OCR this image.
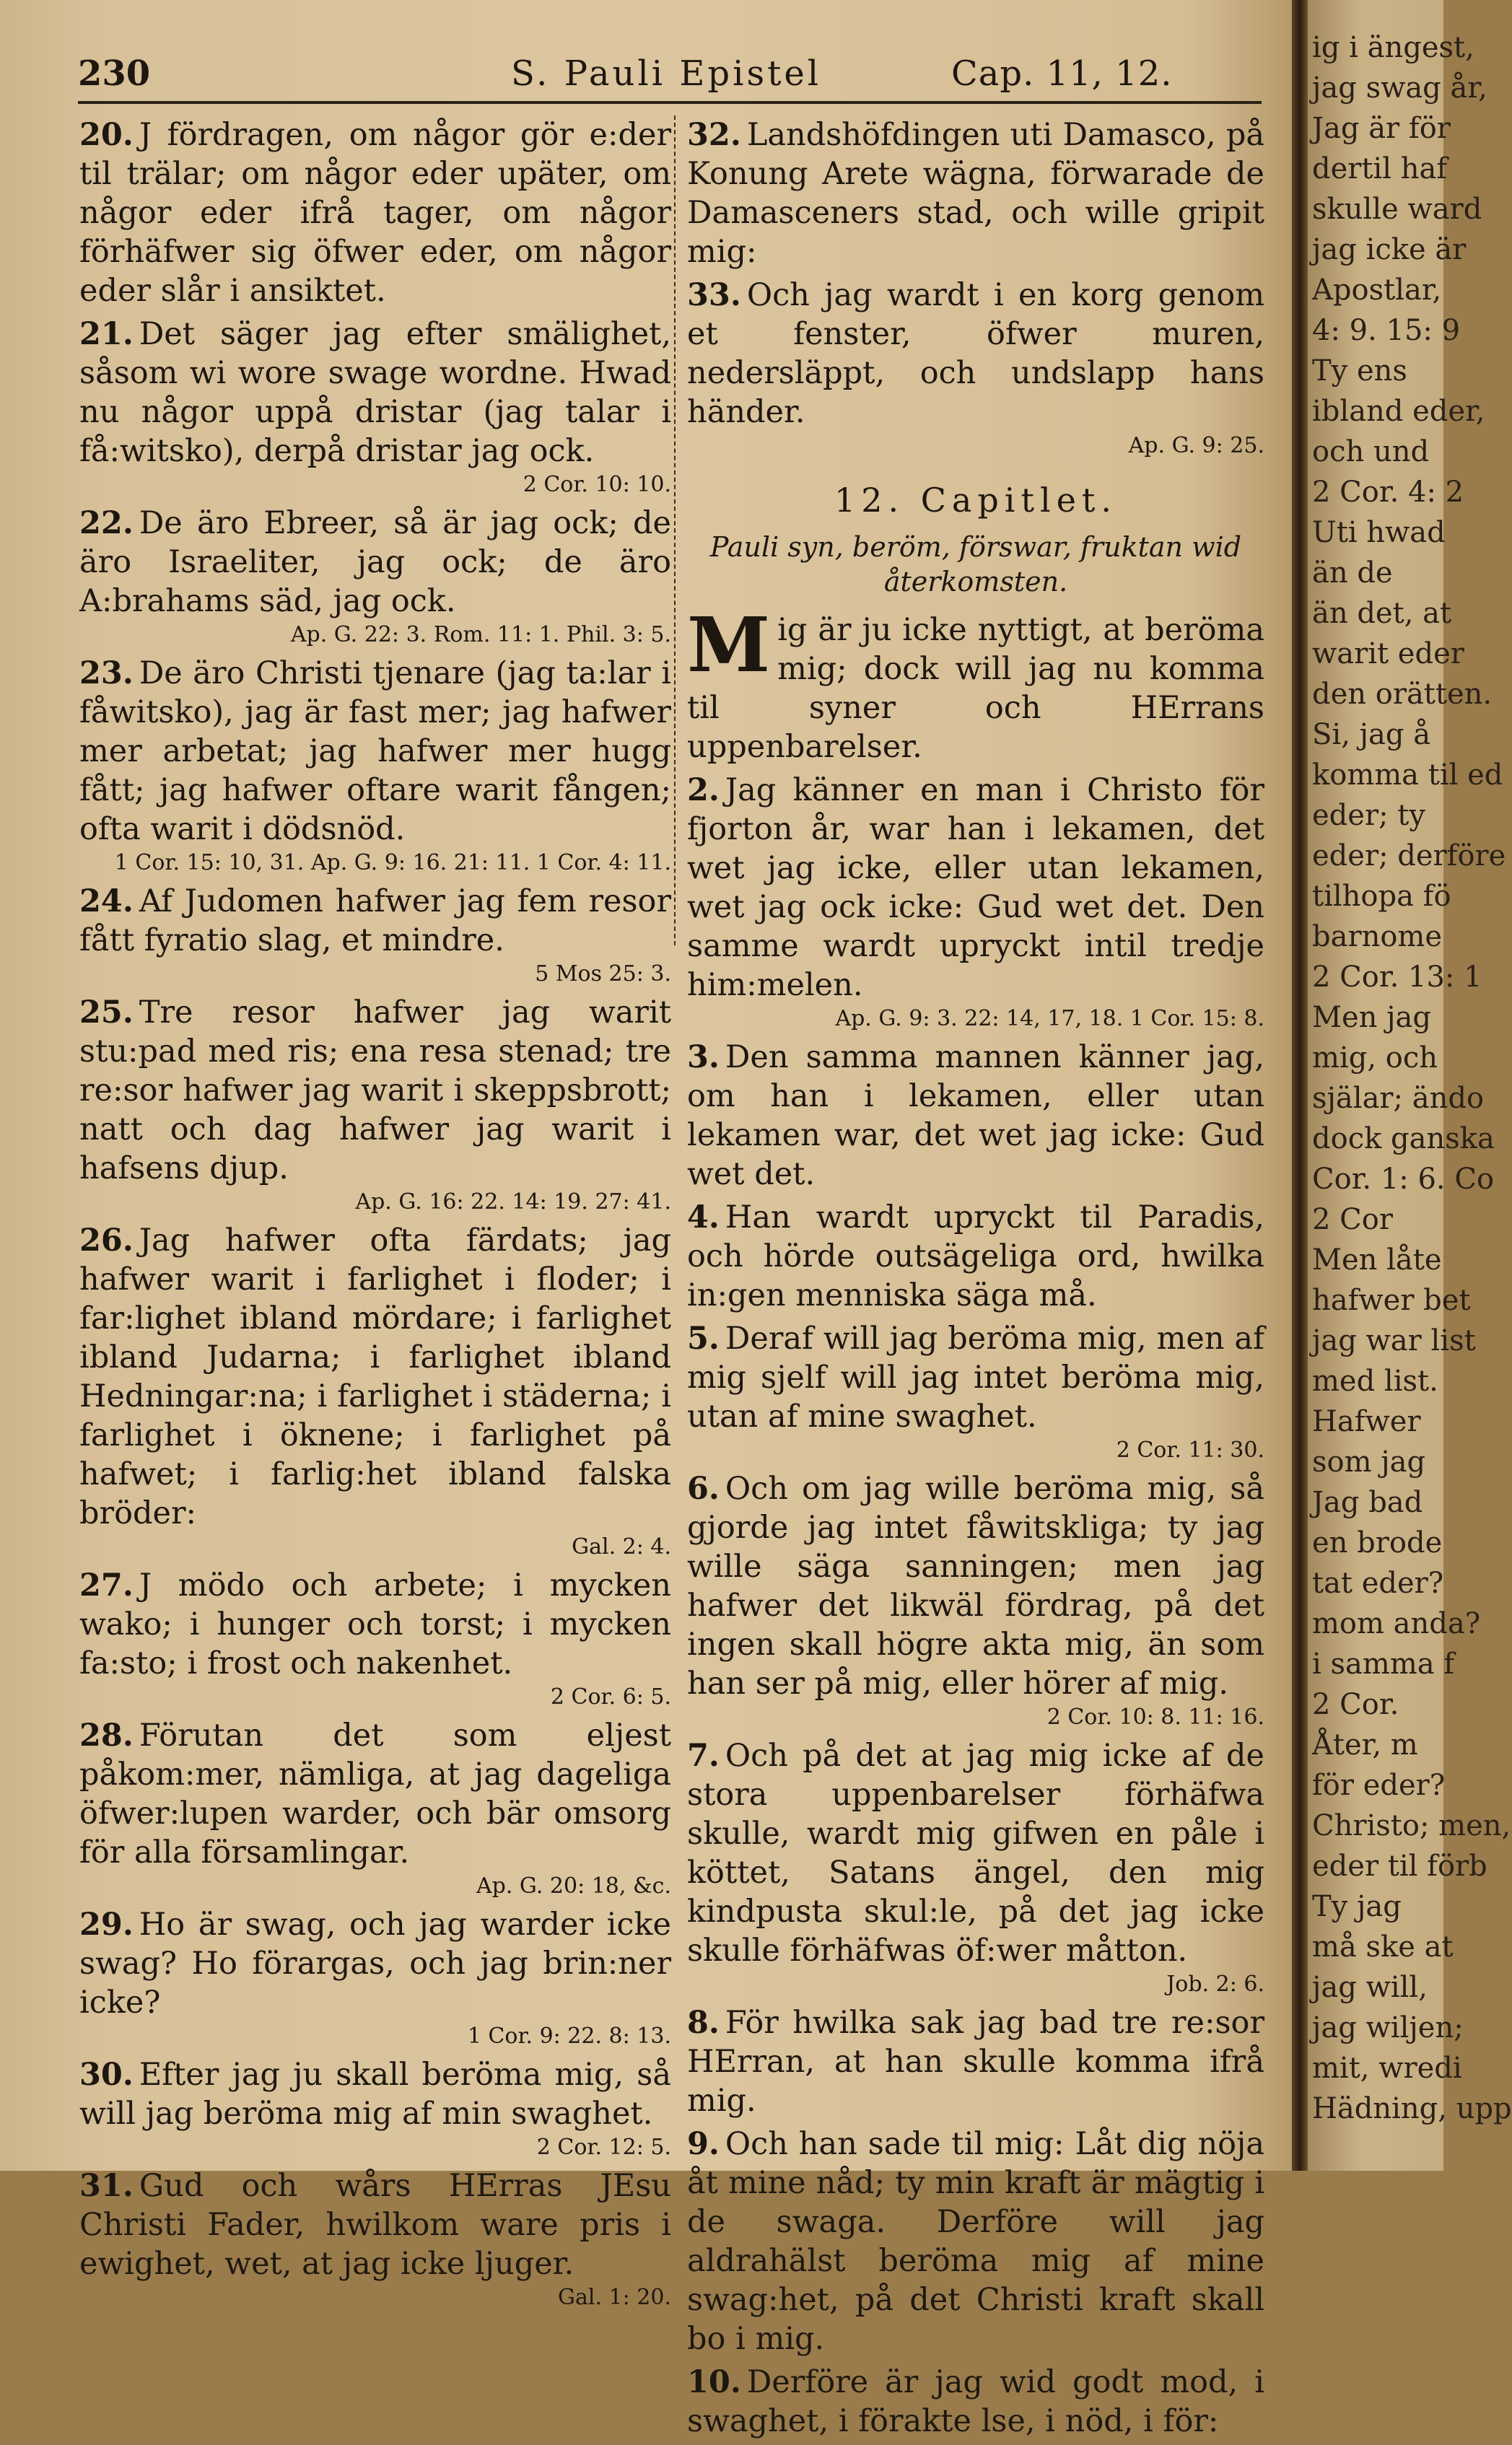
230	S. Pauli Epistel	Cap. 11, 12.

20. J fördragen, om någor gör e:der til trälar; om någor eder upäter, om någor eder ifrå tager, om någor förhäfwer sig öfwer eder, om någor eder slår i ansiktet.

21. Det säger jag efter smälighet, såsom wi wore swage wordne. Hwad nu någor uppå dristar (jag talar i få:witsko), derpå dristar jag ock.

2 Cor. 10: 10.

22. De äro Ebreer, så är jag ock; de äro Israeliter, jag ock; de äro A:brahams säd, jag ock.

Ap. G. 22: 3. Rom. 11: 1. Phil. 3: 5.

23. De äro Christi tjenare (jag ta:lar i fåwitsko), jag är fast mer; jag hafwer mer arbetat; jag hafwer mer hugg fått; jag hafwer oftare warit fången; ofta warit i dödsnöd.

1 Cor. 15: 10, 31. Ap. G. 9: 16. 21: 11. 1 Cor. 4: 11.

24. Af Judomen hafwer jag fem resor fått fyratio slag, et mindre.

5 Mos 25: 3.

25. Tre resor hafwer jag warit stu:pad med ris; ena resa stenad; tre re:sor hafwer jag warit i skeppsbrott; natt och dag hafwer jag warit i hafsens djup.

Ap. G. 16: 22. 14: 19. 27: 41.

26. Jag hafwer ofta färdats; jag hafwer warit i farlighet i floder; i far:lighet ibland mördare; i farlighet ibland Judarna; i farlighet ibland Hedningar:na; i farlighet i städerna; i farlighet i öknene; i farlighet på hafwet; i farlig:het ibland falska bröder:

Gal. 2: 4.

27. J mödo och arbete; i mycken wako; i hunger och torst; i mycken fa:sto; i frost och nakenhet.

2 Cor. 6: 5.

28. Förutan det som eljest påkom:mer, nämliga, at jag dageliga öfwer:lupen warder, och bär omsorg för alla församlingar.

Ap. G. 20: 18, &c.

29. Ho är swag, och jag warder icke swag? Ho förargas, och jag brin:ner icke?

1 Cor. 9: 22. 8: 13.

30. Efter jag ju skall beröma mig, så will jag beröma mig af min swaghet.

2 Cor. 12: 5.

31. Gud och wårs HErras JEsu Christi Fader, hwilkom ware pris i ewighet, wet, at jag icke ljuger.

Gal. 1: 20.

32. Landshöfdingen uti Damasco, på Konung Arete wägna, förwarade de Damasceners stad, och wille gripit mig:

33. Och jag wardt i en korg genom et fenster, öfwer muren, nedersläppt, och undslapp hans händer.

Ap. G. 9: 25.
12. Capitlet.
Pauli syn, beröm, förswar, fruktan wid återkomsten.

Mig är ju icke nyttigt, at beröma mig; dock will jag nu komma til syner och HErrans uppenbarelser.

2. Jag känner en man i Christo för fjorton år, war han i lekamen, det wet jag icke, eller utan lekamen, wet jag ock icke: Gud wet det. Den samme wardt upryckt intil tredje him:melen.

Ap. G. 9: 3. 22: 14, 17, 18. 1 Cor. 15: 8.

3. Den samma mannen känner jag, om han i lekamen, eller utan lekamen war, det wet jag icke: Gud wet det.

4. Han wardt upryckt til Paradis, och hörde outsägeliga ord, hwilka in:gen menniska säga må.

5. Deraf will jag beröma mig, men af mig sjelf will jag intet beröma mig, utan af mine swaghet.

2 Cor. 11: 30.

6. Och om jag wille beröma mig, så gjorde jag intet fåwitskliga; ty jag wille säga sanningen; men jag hafwer det likwäl fördrag, på det ingen skall högre akta mig, än som han ser på mig, eller hörer af mig.

2 Cor. 10: 8. 11: 16.

7. Och på det at jag mig icke af de stora uppenbarelser förhäfwa skulle, wardt mig gifwen en påle i köttet, Satans ängel, den mig kindpusta skul:le, på det jag icke skulle förhäfwas öf:wer måtton.

Job. 2: 6.

8. För hwilka sak jag bad tre re:sor HErran, at han skulle komma ifrå mig.

9. Och han sade til mig: Låt dig nöja åt mine nåd; ty min kraft är mägtig i de swaga. Derföre will jag aldrahälst beröma mig af mine swag:het, på det Christi kraft skall bo i mig.

10. Derföre är jag wid godt mod, i swaghet, i förakte lse, i nöd, i för:

ig i ängest,
jag swag år,
Jag är för
dertil haf
skulle ward
jag icke är
Apostlar,
4: 9. 15: 9
Ty ens
ibland eder,
och und
2 Cor. 4: 2
Uti hwad
än de
än det, at
warit eder
den orätten.
Si, jag å
komma til ed
eder; ty
eder; derföre
tilhopa fö
barnome
2 Cor. 13: 1
Men jag
mig, och
själar; ändo
dock ganska
Cor. 1: 6. Co
2 Cor
Men låte
hafwer bet
jag war list
med list.
Hafwer
som jag
Jag bad
en brode
tat eder?
mom anda?
i samma f
2 Cor.
Åter, m
för eder?
Christo; men,
eder til förb
Ty jag
må ske at
jag will,
jag wiljen;
mit, wredi
Hädning, upp
